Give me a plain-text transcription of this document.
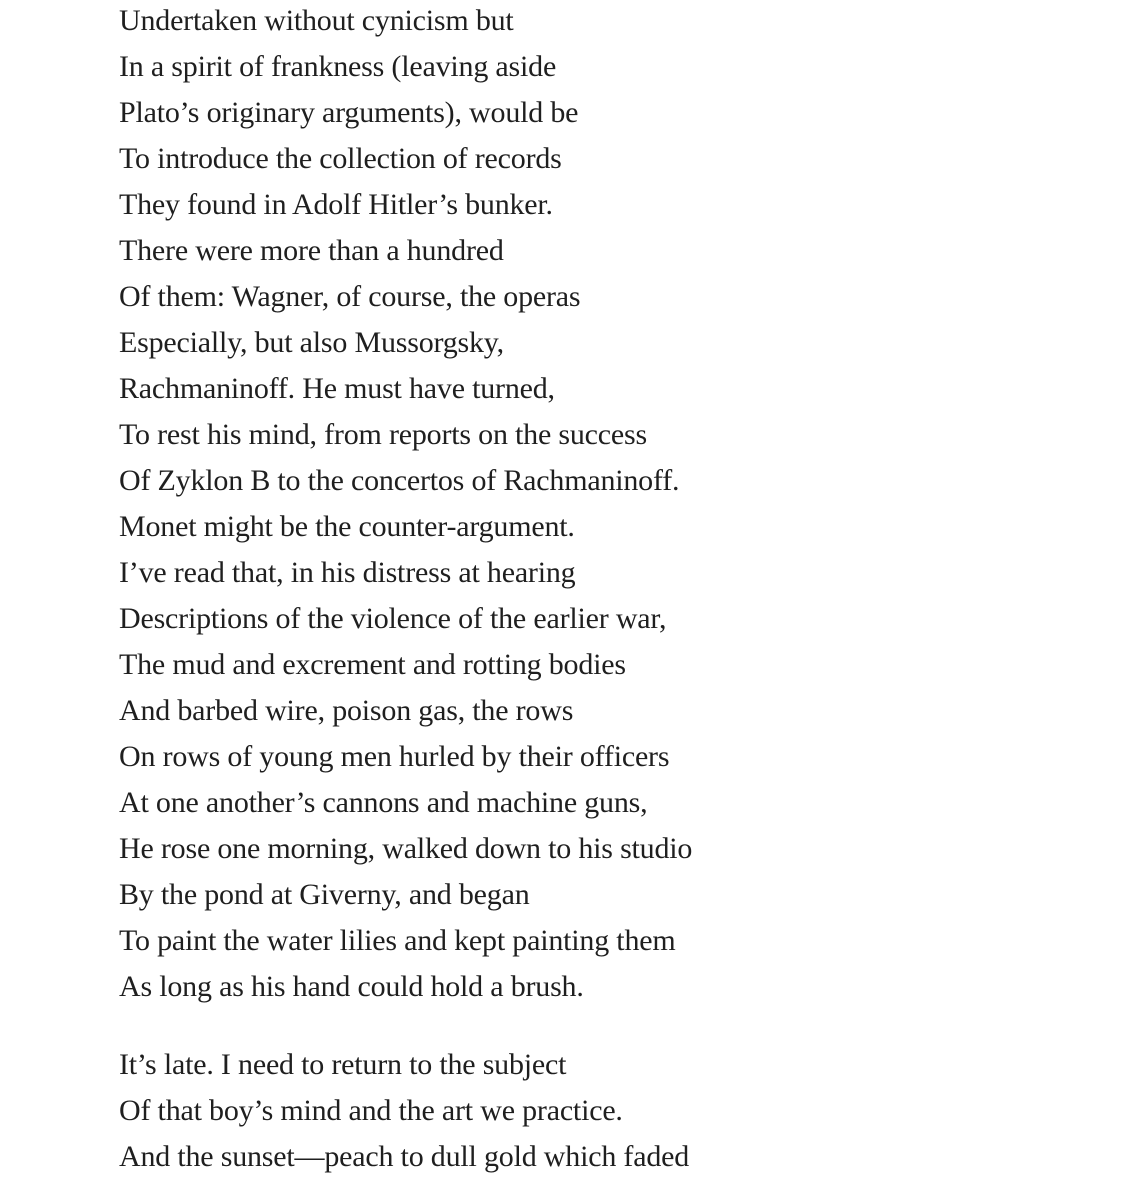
Undertaken without cynicism but
In a spirit of frankness (leaving aside
Plato’s originary arguments), would be
To introduce the collection of records
They found in Adolf Hitler’s bunker.
There were more than a hundred
Of them: Wagner, of course, the operas
Especially, but also Mussorgsky,
Rachmaninoff. He must have turned,
To rest his mind, from reports on the success
Of Zyklon B to the concertos of Rachmaninoff.
Monet might be the counter-argument.
I’ve read that, in his distress at hearing
Descriptions of the violence of the earlier war,
The mud and excrement and rotting bodies
And barbed wire, poison gas, the rows
On rows of young men hurled by their officers
At one another’s cannons and machine guns,
He rose one morning, walked down to his studio
By the pond at Giverny, and began
To paint the water lilies and kept painting them
As long as his hand could hold a brush.
It’s late. I need to return to the subject
Of that boy’s mind and the art we practice.
And the sunset—peach to dull gold which faded
